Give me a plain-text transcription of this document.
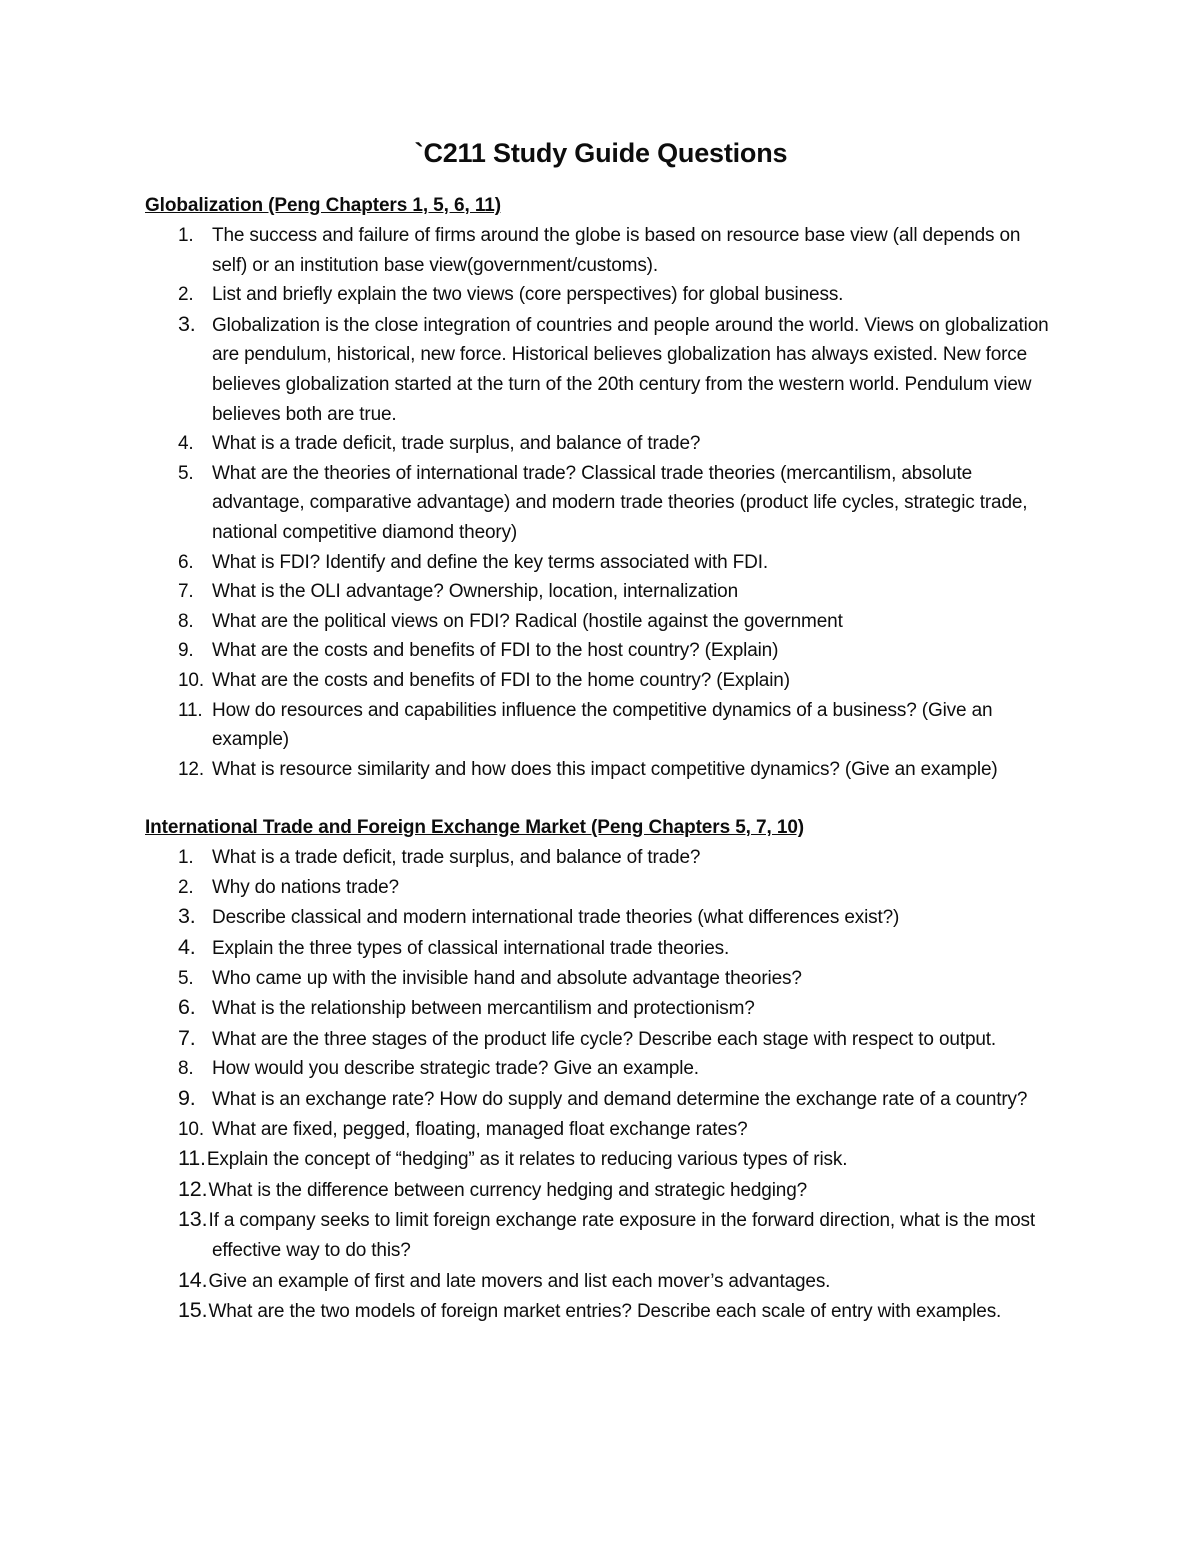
`C211 Study Guide Questions
Globalization (Peng Chapters 1, 5, 6, 11)
1. The success and failure of firms around the globe is based on resource base view (all depends on self) or an institution base view(government/customs).
2. List and briefly explain the two views (core perspectives) for global business.
3. Globalization is the close integration of countries and people around the world. Views on globalization are pendulum, historical, new force. Historical believes globalization has always existed. New force believes globalization started at the turn of the 20th century from the western world. Pendulum view believes both are true.
4. What is a trade deficit, trade surplus, and balance of trade?
5. What are the theories of international trade? Classical trade theories (mercantilism, absolute advantage, comparative advantage) and modern trade theories (product life cycles, strategic trade, national competitive diamond theory)
6. What is FDI? Identify and define the key terms associated with FDI.
7. What is the OLI advantage? Ownership, location, internalization
8. What are the political views on FDI? Radical (hostile against the government
9. What are the costs and benefits of FDI to the host country? (Explain)
10. What are the costs and benefits of FDI to the home country? (Explain)
11. How do resources and capabilities influence the competitive dynamics of a business? (Give an example)
12. What is resource similarity and how does this impact competitive dynamics? (Give an example)
International Trade and Foreign Exchange Market (Peng Chapters 5, 7, 10)
1. What is a trade deficit, trade surplus, and balance of trade?
2. Why do nations trade?
3. Describe classical and modern international trade theories (what differences exist?)
4. Explain the three types of classical international trade theories.
5. Who came up with the invisible hand and absolute advantage theories?
6. What is the relationship between mercantilism and protectionism?
7. What are the three stages of the product life cycle? Describe each stage with respect to output.
8. How would you describe strategic trade? Give an example.
9. What is an exchange rate? How do supply and demand determine the exchange rate of a country?
10. What are fixed, pegged, floating, managed float exchange rates?
11.Explain the concept of “hedging” as it relates to reducing various types of risk.
12.What is the difference between currency hedging and strategic hedging?
13.If a company seeks to limit foreign exchange rate exposure in the forward direction, what is the most effective way to do this?
14.Give an example of first and late movers and list each mover’s advantages.
15.What are the two models of foreign market entries? Describe each scale of entry with examples.
